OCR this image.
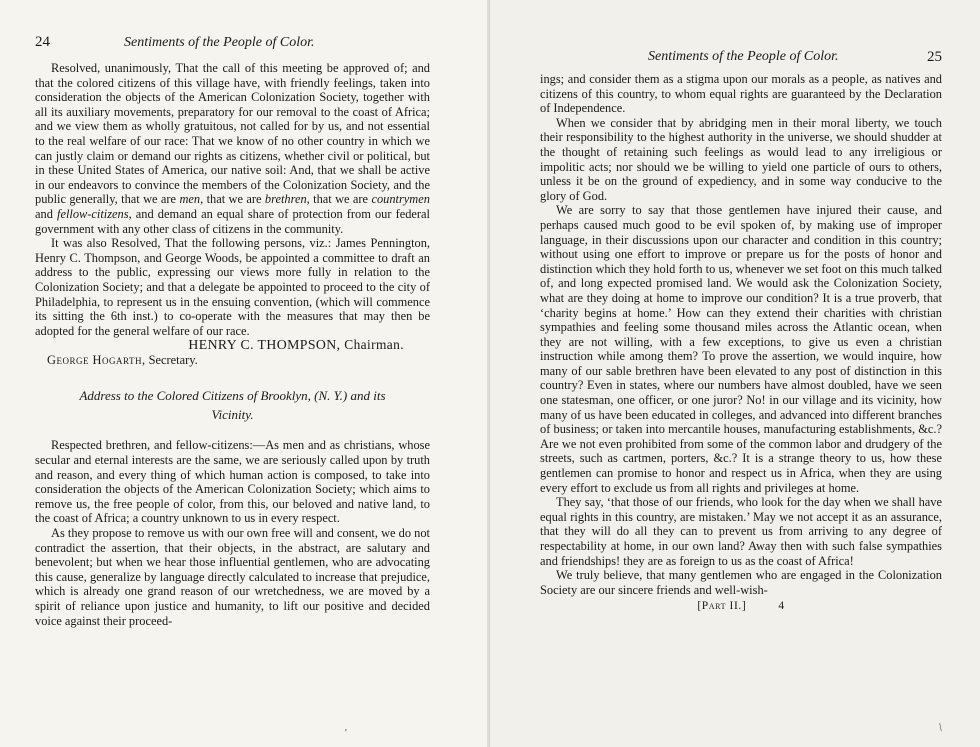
24	Sentiments of the People of Color.

Resolved, unanimously, That the call of this meeting be approved of; and that the colored citizens of this village have, with friendly feelings, taken into consideration the objects of the American Colonization Society, together with all its auxiliary movements, preparatory for our removal to the coast of Africa; and we view them as wholly gratuitous, not called for by us, and not essential to the real welfare of our race: That we know of no other country in which we can justly claim or demand our rights as citizens, whether civil or political, but in these United States of America, our native soil: And, that we shall be active in our endeavors to convince the members of the Colonization Society, and the public generally, that we are men, that we are brethren, that we are countrymen and fellow-citizens, and demand an equal share of protection from our federal government with any other class of citizens in the community.

It was also Resolved, That the following persons, viz.: James Pennington, Henry C. Thompson, and George Woods, be appointed a committee to draft an address to the public, expressing our views more fully in relation to the Colonization Society; and that a delegate be appointed to proceed to the city of Philadelphia, to represent us in the ensuing convention, (which will commence its sitting the 6th inst.) to co-operate with the measures that may then be adopted for the general welfare of our race.

HENRY C. THOMPSON, Chairman.
George Hogarth, Secretary.
Address to the Colored Citizens of Brooklyn, (N. Y.) and its
Vicinity.

Respected brethren, and fellow-citizens:—As men and as christians, whose secular and eternal interests are the same, we are seriously called upon by truth and reason, and every thing of which human action is composed, to take into consideration the objects of the American Colonization Society; which aims to remove us, the free people of color, from this, our beloved and native land, to the coast of Africa; a country unknown to us in every respect.

As they propose to remove us with our own free will and consent, we do not contradict the assertion, that their objects, in the abstract, are salutary and benevolent; but when we hear those influential gentlemen, who are advocating this cause, generalize by language directly calculated to increase that prejudice, which is already one grand reason of our wretchedness, we are moved by a spirit of reliance upon justice and humanity, to lift our positive and decided voice against their proceed-

'
Sentiments of the People of Color.	25

ings; and consider them as a stigma upon our morals as a people, as natives and citizens of this country, to whom equal rights are guaranteed by the Declaration of Independence.

When we consider that by abridging men in their moral liberty, we touch their responsibility to the highest authority in the universe, we should shudder at the thought of retaining such feelings as would lead to any irreligious or impolitic acts; nor should we be willing to yield one particle of ours to others, unless it be on the ground of expediency, and in some way conducive to the glory of God.

We are sorry to say that those gentlemen have injured their cause, and perhaps caused much good to be evil spoken of, by making use of improper language, in their discussions upon our character and condition in this country; without using one effort to improve or prepare us for the posts of honor and distinction which they hold forth to us, whenever we set foot on this much talked of, and long expected promised land. We would ask the Colonization Society, what are they doing at home to improve our condition? It is a true proverb, that ‘charity begins at home.’ How can they extend their charities with christian sympathies and feeling some thousand miles across the Atlantic ocean, when they are not willing, with a few exceptions, to give us even a christian instruction while among them? To prove the assertion, we would inquire, how many of our sable brethren have been elevated to any post of distinction in this country? Even in states, where our numbers have almost doubled, have we seen one statesman, one officer, or one juror? No! in our village and its vicinity, how many of us have been educated in colleges, and advanced into different branches of business; or taken into mercantile houses, manufacturing establishments, &c.? Are we not even prohibited from some of the common labor and drudgery of the streets, such as cartmen, porters, &c.? It is a strange theory to us, how these gentlemen can promise to honor and respect us in Africa, when they are using every effort to exclude us from all rights and privileges at home.

They say, ‘that those of our friends, who look for the day when we shall have equal rights in this country, are mistaken.’ May we not accept it as an assurance, that they will do all they can to prevent us from arriving to any degree of respectability at home, in our own land? Away then with such false sympathies and friendships! they are as foreign to us as the coast of Africa!

We truly believe, that many gentlemen who are engaged in the Colonization Society are our sincere friends and well-wish-

[Part II.]	4
/
